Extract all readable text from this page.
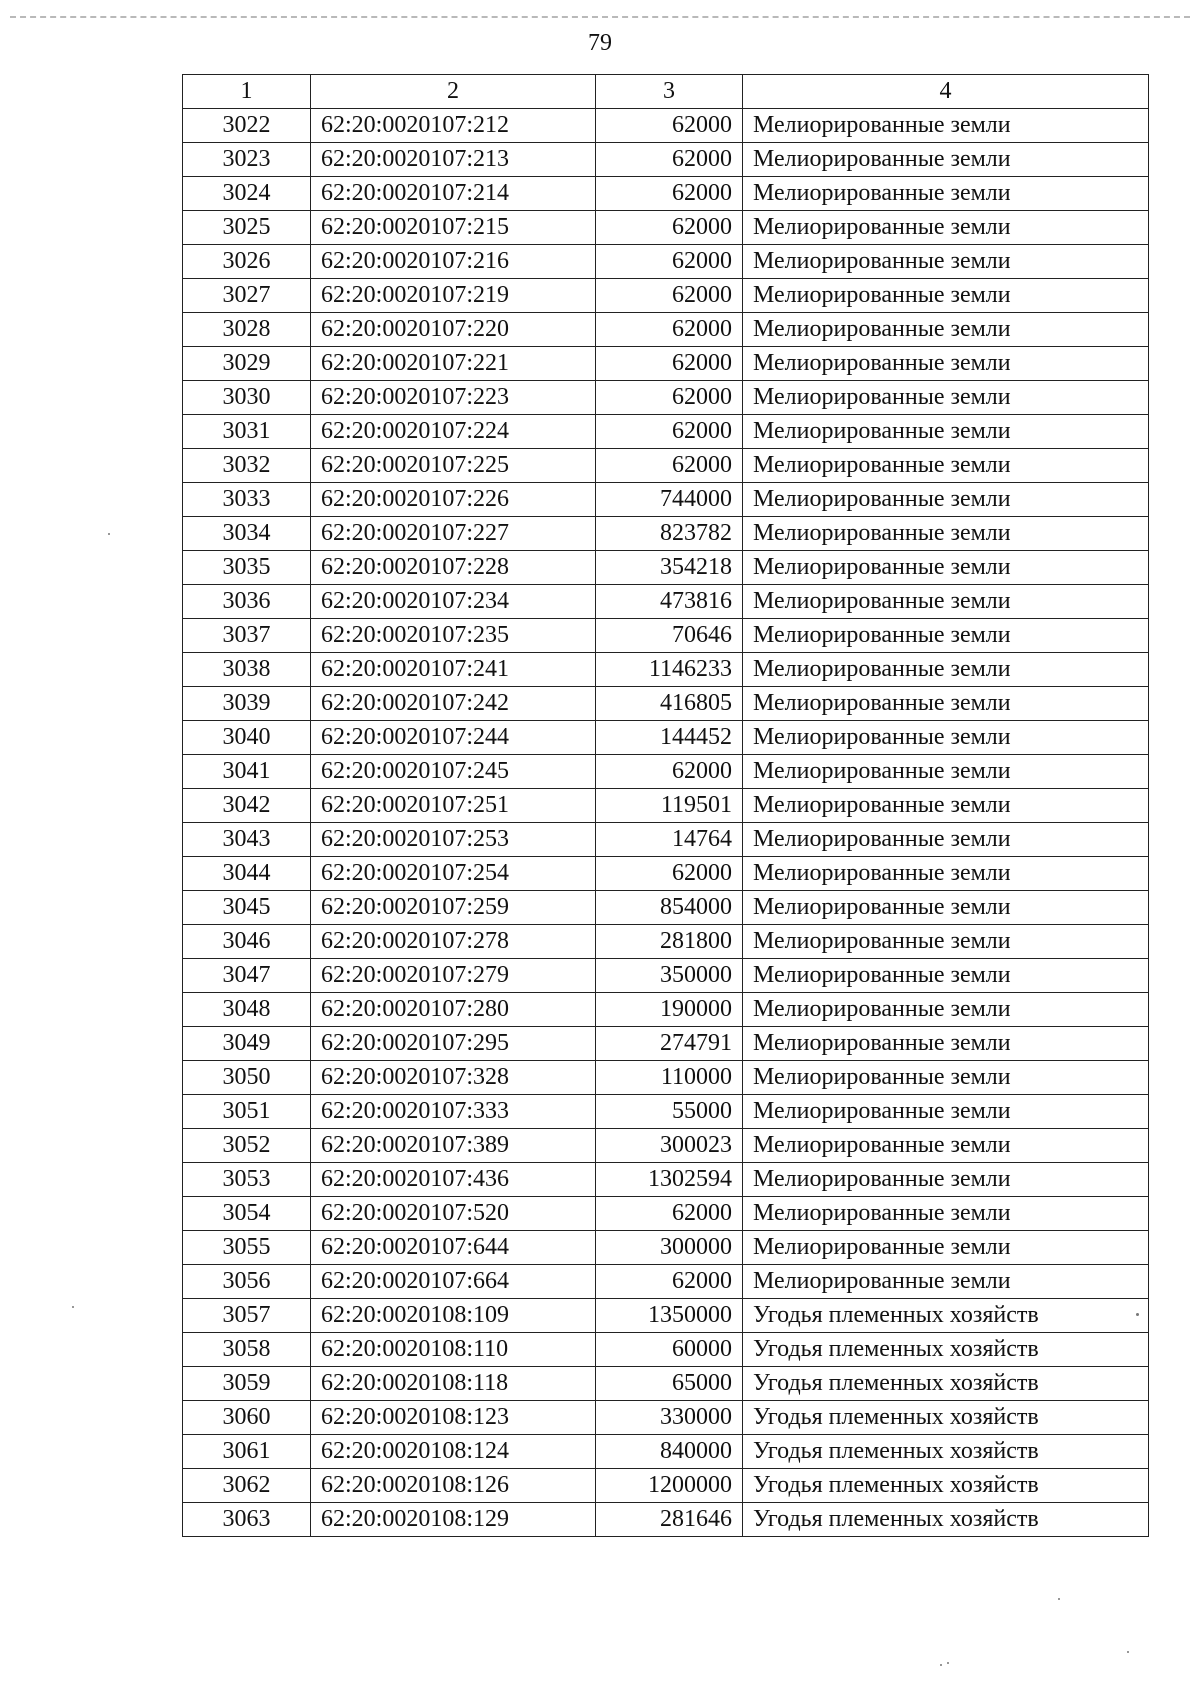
79
1	2	3	4
3022	62:20:0020107:212	62000	Мелиорированные земли
3023	62:20:0020107:213	62000	Мелиорированные земли
3024	62:20:0020107:214	62000	Мелиорированные земли
3025	62:20:0020107:215	62000	Мелиорированные земли
3026	62:20:0020107:216	62000	Мелиорированные земли
3027	62:20:0020107:219	62000	Мелиорированные земли
3028	62:20:0020107:220	62000	Мелиорированные земли
3029	62:20:0020107:221	62000	Мелиорированные земли
3030	62:20:0020107:223	62000	Мелиорированные земли
3031	62:20:0020107:224	62000	Мелиорированные земли
3032	62:20:0020107:225	62000	Мелиорированные земли
3033	62:20:0020107:226	744000	Мелиорированные земли
3034	62:20:0020107:227	823782	Мелиорированные земли
3035	62:20:0020107:228	354218	Мелиорированные земли
3036	62:20:0020107:234	473816	Мелиорированные земли
3037	62:20:0020107:235	70646	Мелиорированные земли
3038	62:20:0020107:241	1146233	Мелиорированные земли
3039	62:20:0020107:242	416805	Мелиорированные земли
3040	62:20:0020107:244	144452	Мелиорированные земли
3041	62:20:0020107:245	62000	Мелиорированные земли
3042	62:20:0020107:251	119501	Мелиорированные земли
3043	62:20:0020107:253	14764	Мелиорированные земли
3044	62:20:0020107:254	62000	Мелиорированные земли
3045	62:20:0020107:259	854000	Мелиорированные земли
3046	62:20:0020107:278	281800	Мелиорированные земли
3047	62:20:0020107:279	350000	Мелиорированные земли
3048	62:20:0020107:280	190000	Мелиорированные земли
3049	62:20:0020107:295	274791	Мелиорированные земли
3050	62:20:0020107:328	110000	Мелиорированные земли
3051	62:20:0020107:333	55000	Мелиорированные земли
3052	62:20:0020107:389	300023	Мелиорированные земли
3053	62:20:0020107:436	1302594	Мелиорированные земли
3054	62:20:0020107:520	62000	Мелиорированные земли
3055	62:20:0020107:644	300000	Мелиорированные земли
3056	62:20:0020107:664	62000	Мелиорированные земли
3057	62:20:0020108:109	1350000	Угодья племенных хозяйств
3058	62:20:0020108:110	60000	Угодья племенных хозяйств
3059	62:20:0020108:118	65000	Угодья племенных хозяйств
3060	62:20:0020108:123	330000	Угодья племенных хозяйств
3061	62:20:0020108:124	840000	Угодья племенных хозяйств
3062	62:20:0020108:126	1200000	Угодья племенных хозяйств
3063	62:20:0020108:129	281646	Угодья племенных хозяйств
